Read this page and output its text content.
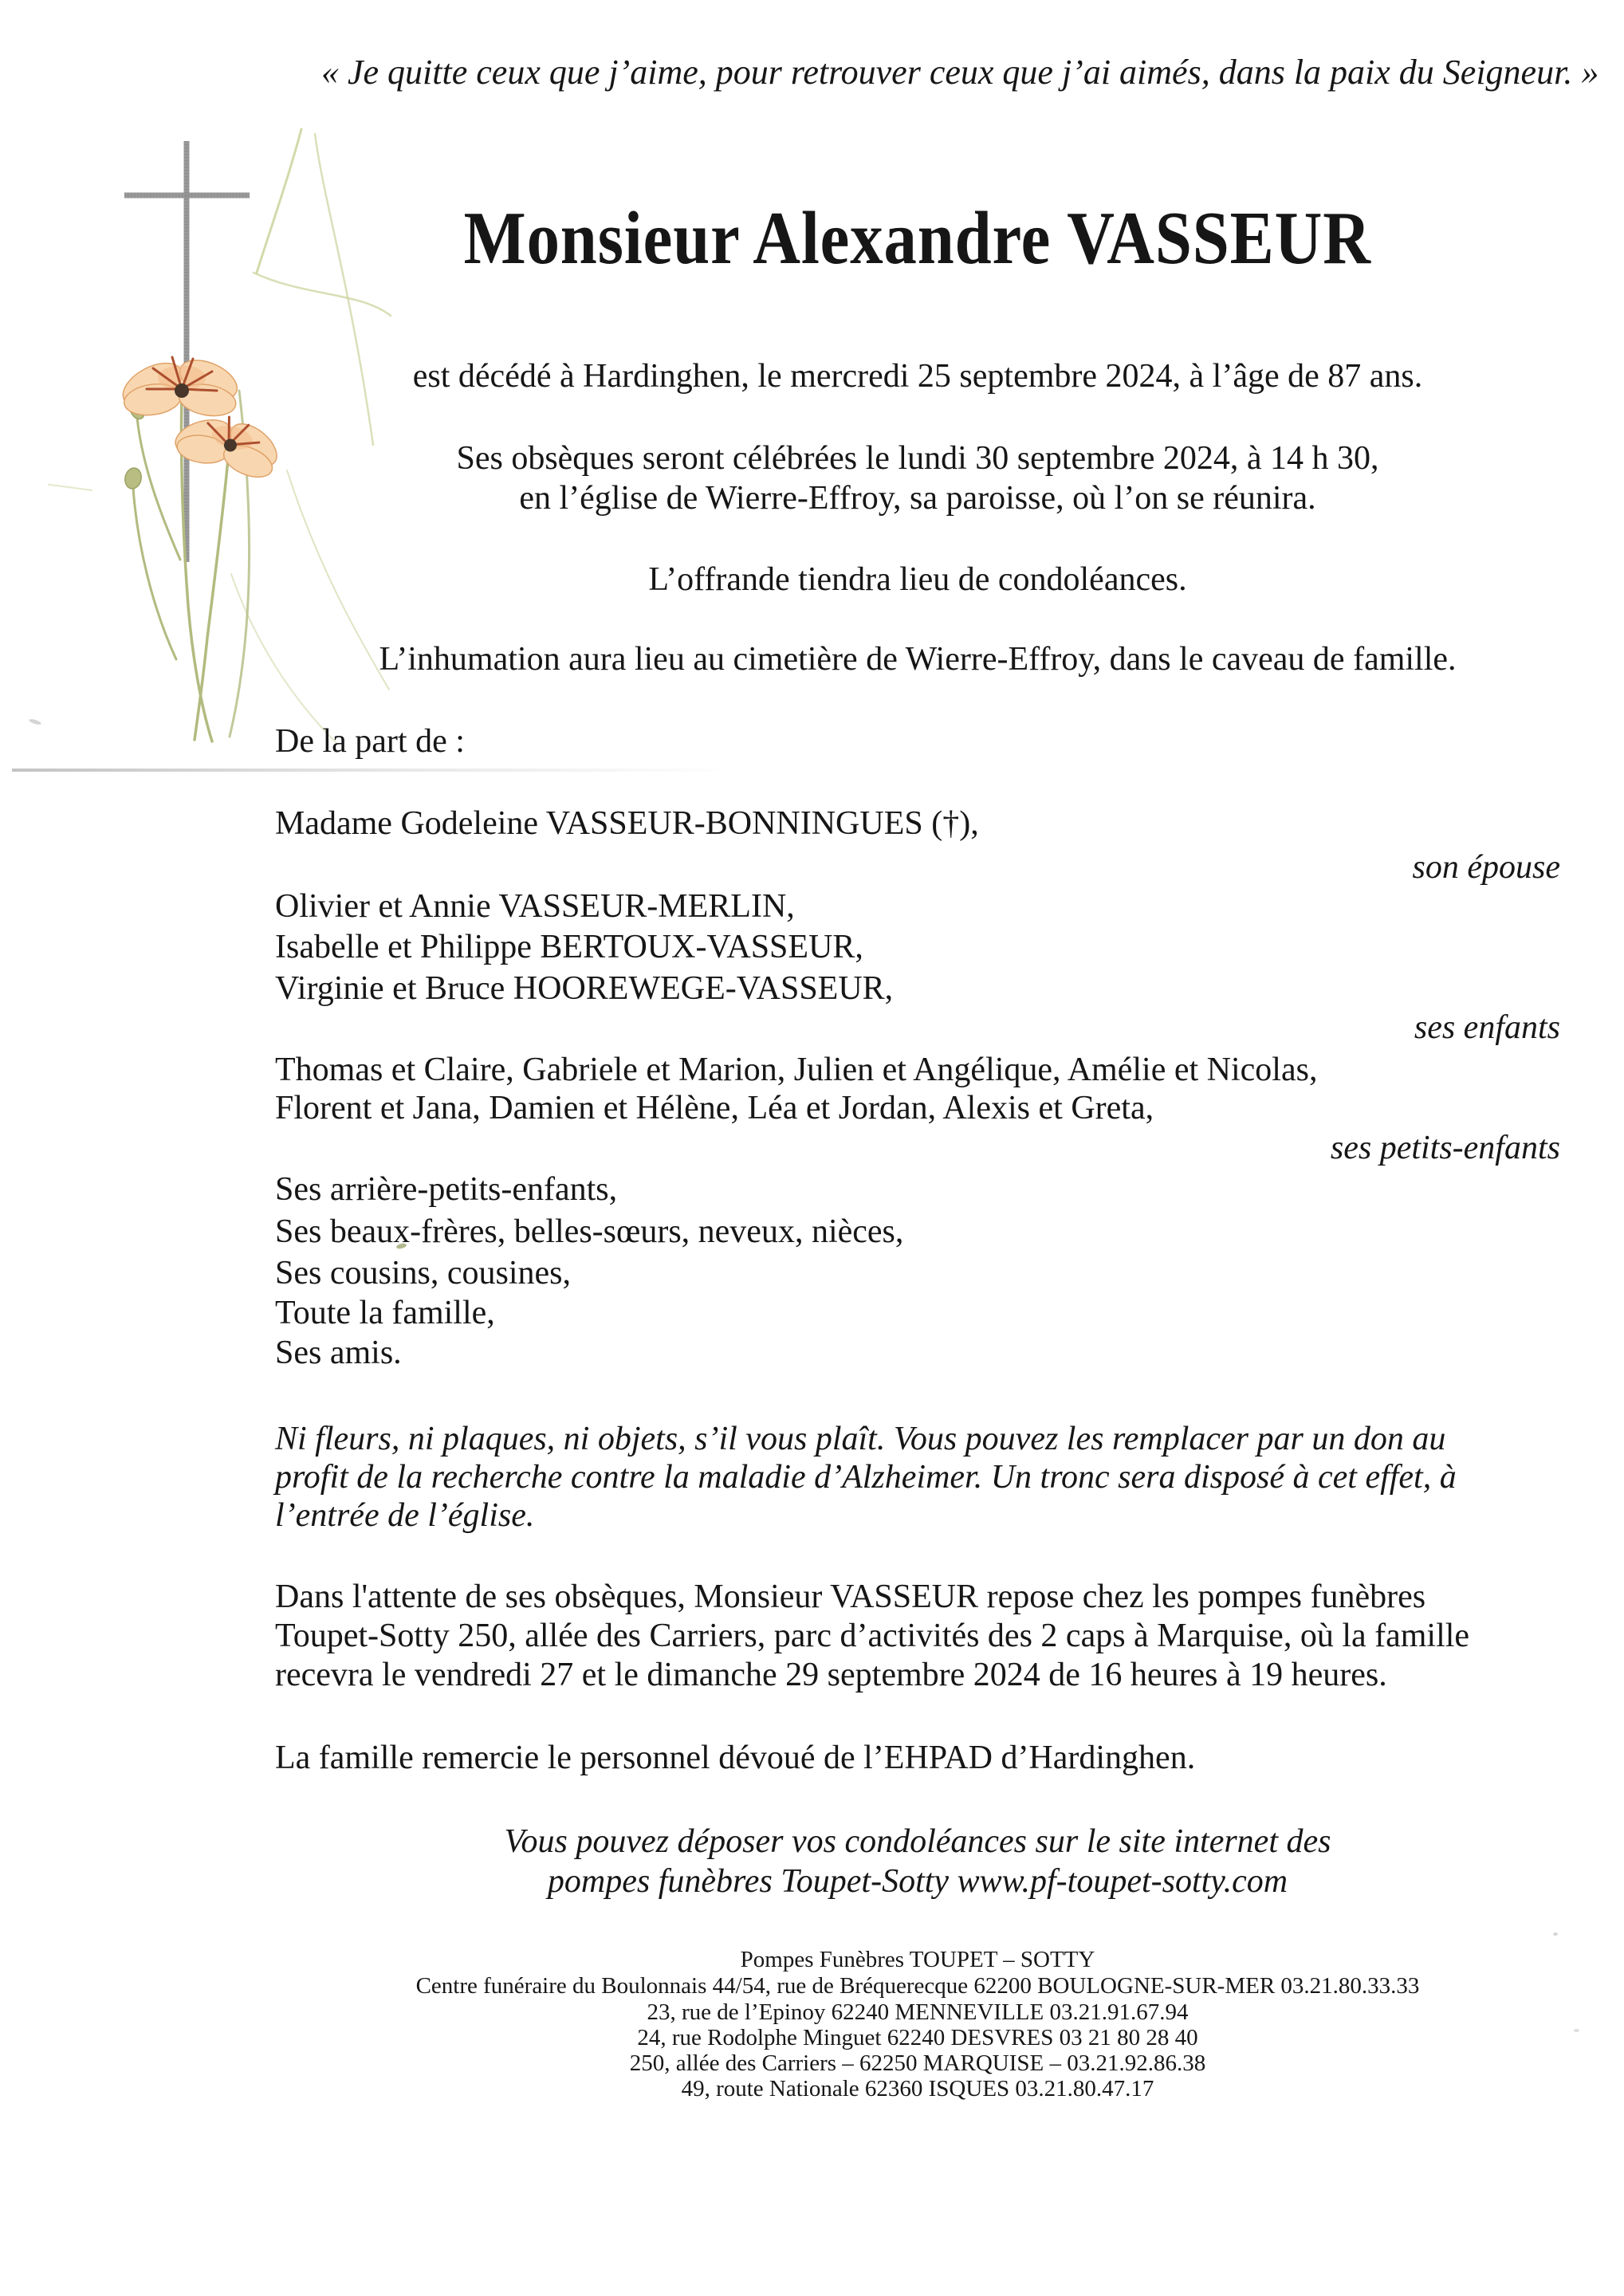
« Je quitte ceux que j’aime, pour retrouver ceux que j’ai aimés, dans la paix du Seigneur. »
Monsieur Alexandre VASSEUR
est décédé à Hardinghen, le mercredi 25 septembre 2024, à l’âge de 87 ans.
Ses obsèques seront célébrées le lundi 30 septembre 2024, à 14 h 30,
en l’église de Wierre-Effroy, sa paroisse, où l’on se réunira.
L’offrande tiendra lieu de condoléances.
L’inhumation aura lieu au cimetière de Wierre-Effroy, dans le caveau de famille.
De la part de :
Madame Godeleine VASSEUR-BONNINGUES (†),
son épouse
Olivier et Annie VASSEUR-MERLIN,
Isabelle et Philippe BERTOUX-VASSEUR,
Virginie et Bruce HOOREWEGE-VASSEUR,
ses enfants
Thomas et Claire, Gabriele et Marion, Julien et Angélique, Amélie et Nicolas,
Florent et Jana, Damien et Hélène, Léa et Jordan, Alexis et Greta,
ses petits-enfants
Ses arrière-petits-enfants,
Ses beaux-frères, belles-sœurs, neveux, nièces,
Ses cousins, cousines,
Toute la famille,
Ses amis.
Ni fleurs, ni plaques, ni objets, s’il vous plaît. Vous pouvez les remplacer par un don au
profit de la recherche contre la maladie d’Alzheimer. Un tronc sera disposé à cet effet, à
l’entrée de l’église.
Dans l'attente de ses obsèques, Monsieur VASSEUR repose chez les pompes funèbres
Toupet-Sotty 250, allée des Carriers, parc d’activités des 2 caps à Marquise, où la famille
recevra le vendredi 27 et le dimanche 29 septembre 2024 de 16 heures à 19 heures.
La famille remercie le personnel dévoué de l’EHPAD d’Hardinghen.
Vous pouvez déposer vos condoléances sur le site internet des
pompes funèbres Toupet-Sotty www.pf-toupet-sotty.com
Pompes Funèbres TOUPET – SOTTY
Centre funéraire du Boulonnais 44/54, rue de Bréquerecque 62200 BOULOGNE-SUR-MER 03.21.80.33.33
23, rue de l’Epinoy 62240 MENNEVILLE 03.21.91.67.94
24, rue Rodolphe Minguet 62240 DESVRES 03 21 80 28 40
250, allée des Carriers – 62250 MARQUISE – 03.21.92.86.38
49, route Nationale 62360 ISQUES 03.21.80.47.17
